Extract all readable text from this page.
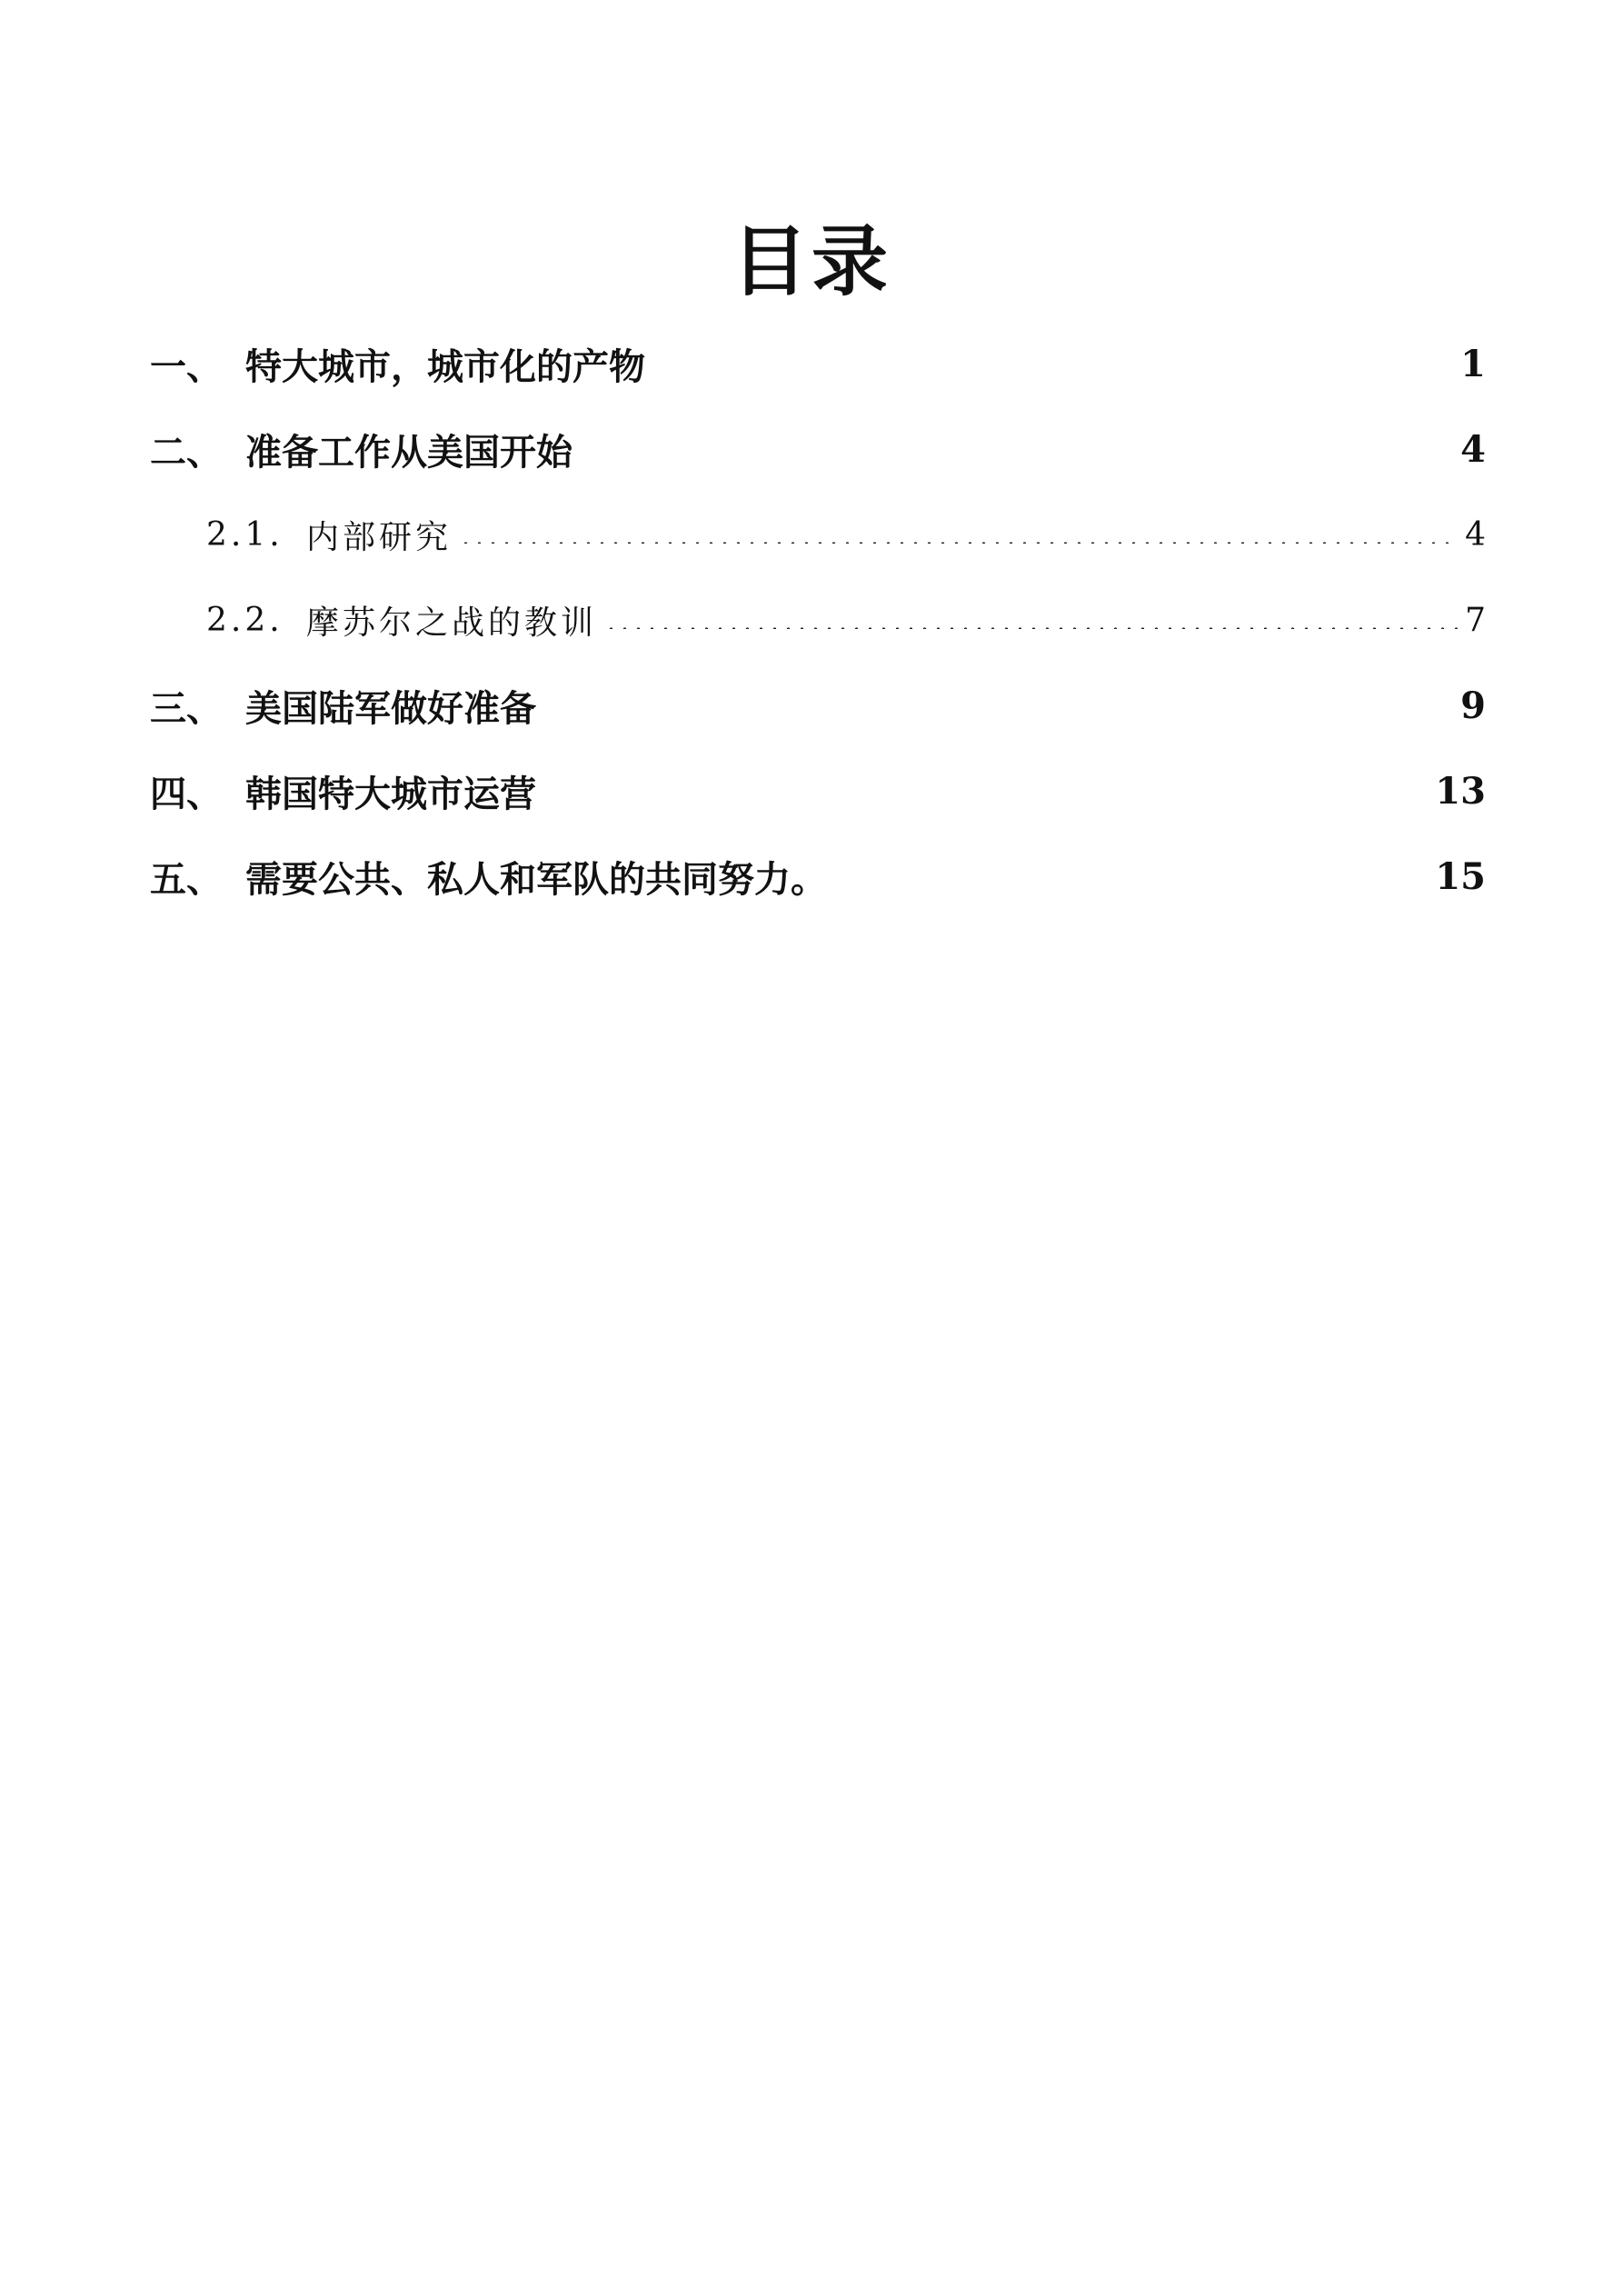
目录
一、 特大城市，城市化的产物	1
二、 准备工作从美国开始	4
2.1. 内部研究	4
2.2. 摩苏尔之战的教训	7
三、 美国陆军做好准备	9
四、 韩国特大城市运营	13
五、 需要公共、私人和军队的共同努力。	15
